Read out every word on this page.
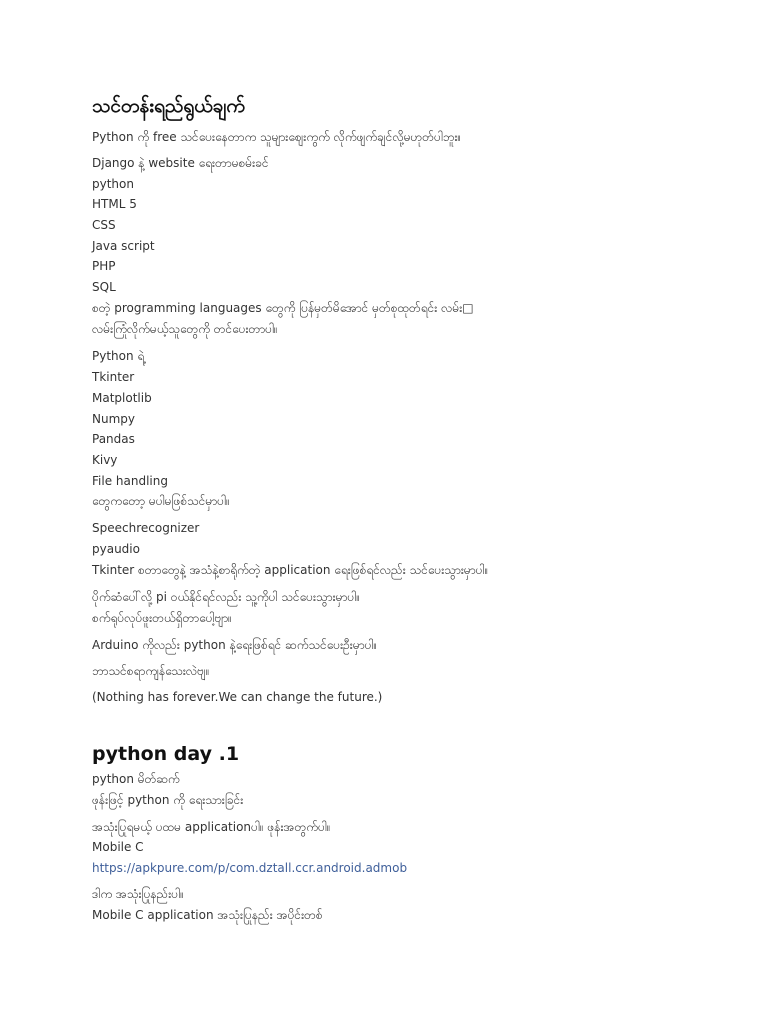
သင်တန်းရည်ရွယ်ချက်
Python ကို free သင်ပေးနေတာက သူများဈေးကွက် လိုက်ဖျက်ချင်လို့မဟုတ်ပါဘူး။
Django နဲ့ website ရေးတာမစမ်းခင်
python
HTML 5
CSS
Java script
PHP
SQL
စတဲ့ programming languages တွေကို ပြန်မှတ်မိအောင် မှတ်စုထုတ်ရင်း လမ်း□
လမ်းကြုံလိုက်မယ့်သူတွေကို တင်ပေးတာပါ။
Python ရဲ့
Tkinter
Matplotlib
Numpy
Pandas
Kivy
File handling
တွေကတော့ မပါမဖြစ်သင်မှာပါ။
Speechrecognizer
pyaudio
Tkinter စတာတွေနဲ့ အသံနဲ့စာရိုက်တဲ့ application ရေးဖြစ်ရင်လည်း သင်ပေးသွားမှာပါ။
ပိုက်ဆံပေါ်လို့ pi ဝယ်နိုင်ရင်လည်း သူ့ကိုပါ သင်ပေးသွားမှာပါ။
စက်ရုပ်လုပ်ဖူးတယ်ရှိတာပေါ့ဗျာ။
Arduino ကိုလည်း python နဲ့ရေးဖြစ်ရင် ဆက်သင်ပေးဦးမှာပါ။
ဘာသင်စရာကျန်သေးလဲဗျ။
(Nothing has forever.We can change the future.)
python day .1
python မိတ်ဆက်
ဖုန်းဖြင့် python ကို ရေးသားခြင်း
အသုံးပြုရမယ့် ပထမ applicationပါ။ ဖုန်းအတွက်ပါ။
Mobile C
https://apkpure.com/p/com.dztall.ccr.android.admob
ဒါက အသုံးပြုနည်းပါ။
Mobile C application အသုံးပြုနည်း အပိုင်းတစ်
